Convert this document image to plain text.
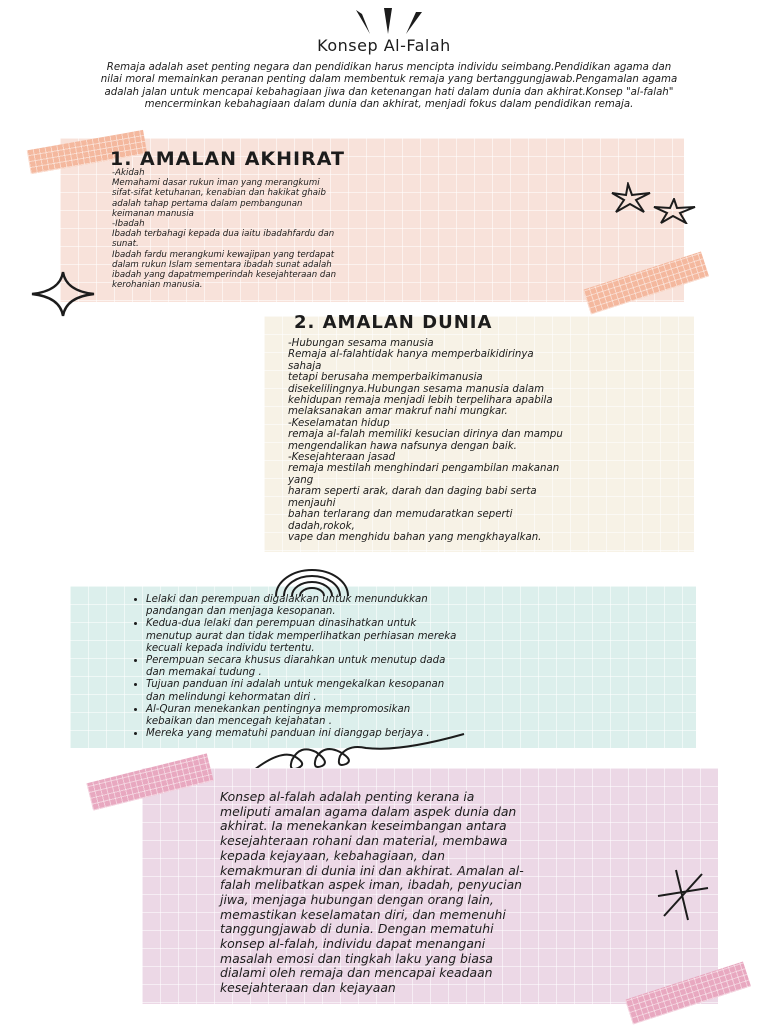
Konsep Al-Falah
Remaja adalah aset penting negara dan pendidikan harus mencipta individu seimbang.Pendidikan agama dan nilai moral memainkan peranan penting dalam membentuk remaja yang bertanggungjawab.Pengamalan agama adalah jalan untuk mencapai kebahagiaan jiwa dan ketenangan hati dalam dunia dan akhirat.Konsep "al-falah" mencerminkan kebahagiaan dalam dunia dan akhirat, menjadi fokus dalam pendidikan remaja.
1. AMALAN AKHIRAT
-Akidah
Memahami dasar rukun iman yang merangkumi
sifat-sifat ketuhanan, kenabian dan hakikat ghaib
adalah tahap pertama dalam pembangunan
keimanan manusia
-Ibadah
Ibadah terbahagi kepada dua iaitu ibadahfardu dan
sunat.
Ibadah fardu merangkumi kewajipan yang terdapat
dalam rukun Islam sementara ibadah sunat adalah
ibadah yang dapatmemperindah kesejahteraan dan
kerohanian manusia.
2. AMALAN DUNIA
-Hubungan sesama manusia
Remaja al-falahtidak hanya memperbaikidirinya
sahaja
tetapi berusaha memperbaikimanusia
disekelilingnya.Hubungan sesama manusia dalam
kehidupan remaja menjadi lebih terpelihara apabila
melaksanakan amar makruf nahi mungkar.
-Keselamatan hidup
remaja al-falah memiliki kesucian dirinya dan mampu
mengendalikan hawa nafsunya dengan baik.
-Kesejahteraan jasad
remaja mestilah menghindari pengambilan makanan
yang
haram seperti arak, darah dan daging babi serta
menjauhi
bahan terlarang dan memudaratkan seperti
dadah,rokok,
vape dan menghidu bahan yang mengkhayalkan.
• Lelaki dan perempuan digalakkan untuk menundukkan
pandangan dan menjaga kesopanan.
• Kedua-dua lelaki dan perempuan dinasihatkan untuk
menutup aurat dan tidak memperlihatkan perhiasan mereka
kecuali kepada individu tertentu.
• Perempuan secara khusus diarahkan untuk menutup dada
dan memakai tudung .
• Tujuan panduan ini adalah untuk mengekalkan kesopanan
dan melindungi kehormatan diri .
• Al-Quran menekankan pentingnya mempromosikan
kebaikan dan mencegah kejahatan .
• Mereka yang mematuhi panduan ini dianggap berjaya .
Konsep al-falah adalah penting kerana ia
meliputi amalan agama dalam aspek dunia dan
akhirat. Ia menekankan keseimbangan antara
kesejahteraan rohani dan material, membawa
kepada kejayaan, kebahagiaan, dan
kemakmuran di dunia ini dan akhirat. Amalan al-
falah melibatkan aspek iman, ibadah, penyucian
jiwa, menjaga hubungan dengan orang lain,
memastikan keselamatan diri, dan memenuhi
tanggungjawab di dunia. Dengan mematuhi
konsep al-falah, individu dapat menangani
masalah emosi dan tingkah laku yang biasa
dialami oleh remaja dan mencapai keadaan
kesejahteraan dan kejayaan
